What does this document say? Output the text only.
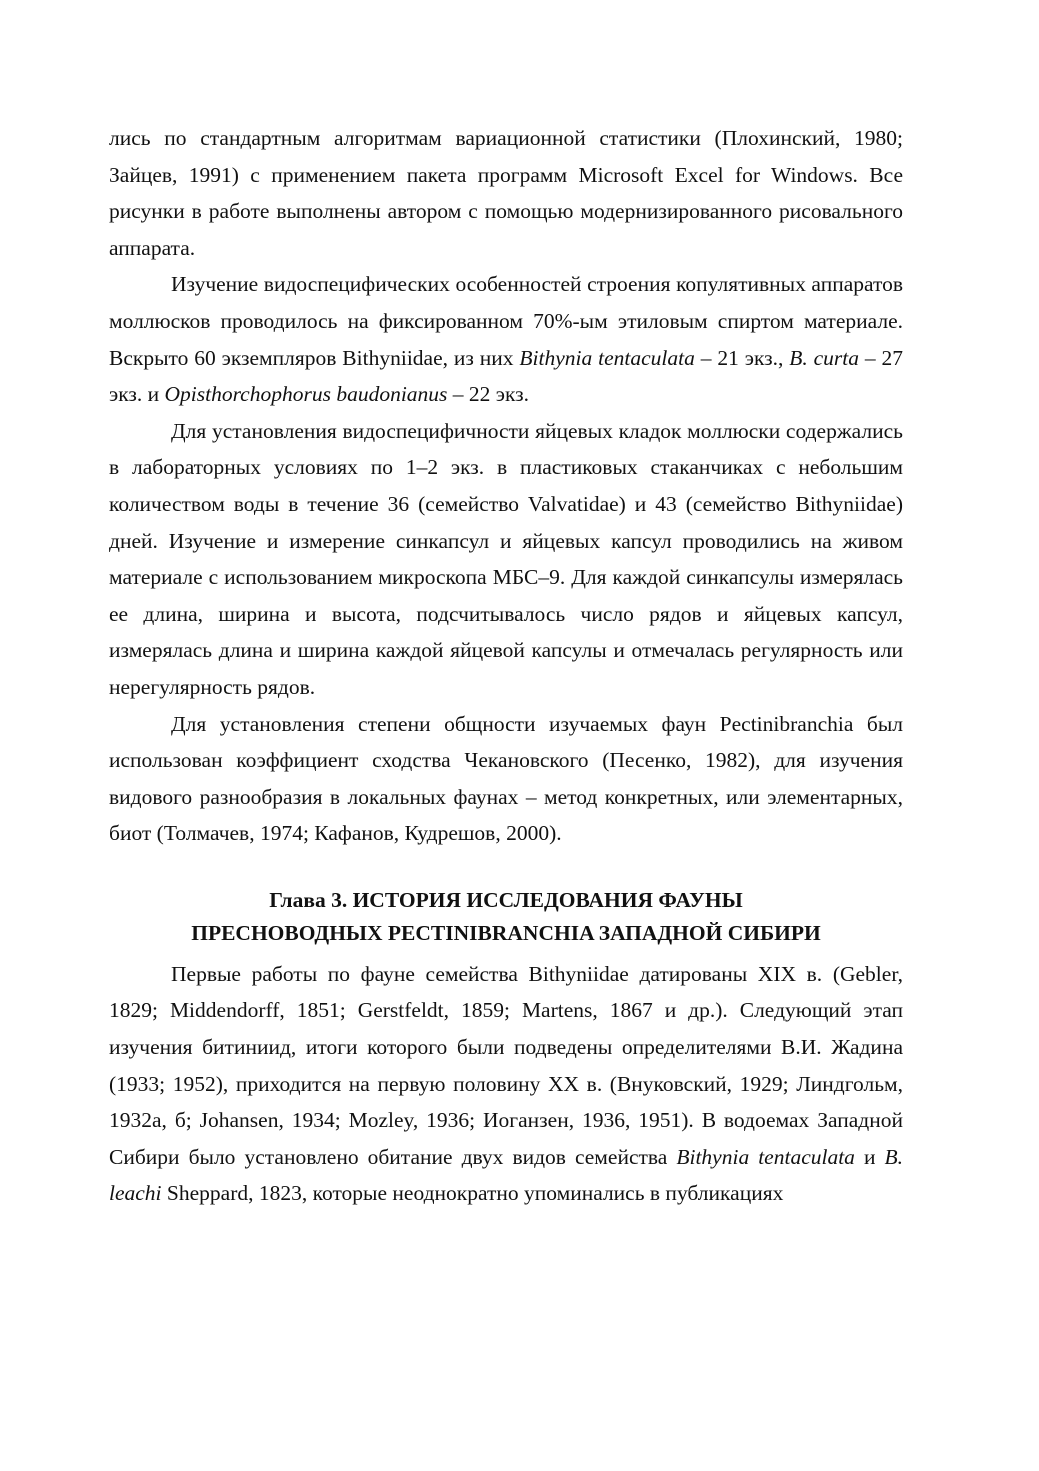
лись по стандартным алгоритмам вариационной статистики (Плохинский, 1980; Зайцев, 1991) с применением пакета программ Microsoft Excel for Windows. Все рисунки в работе выполнены автором с помощью модернизированного рисовального аппарата.

Изучение видоспецифических особенностей строения копулятивных аппаратов моллюсков проводилось на фиксированном 70%-ым этиловым спиртом материале. Вскрыто 60 экземпляров Bithyniidae, из них Bithynia tentaculata – 21 экз., B. curta – 27 экз. и Opisthorchophorus baudonianus – 22 экз.

Для установления видоспецифичности яйцевых кладок моллюски содержались в лабораторных условиях по 1–2 экз. в пластиковых стаканчиках с небольшим количеством воды в течение 36 (семейство Valvatidae) и 43 (семейство Bithyniidae) дней. Изучение и измерение синкапсул и яйцевых капсул проводились на живом материале с использованием микроскопа МБС–9. Для каждой синкапсулы измерялась ее длина, ширина и высота, подсчитывалось число рядов и яйцевых капсул, измерялась длина и ширина каждой яйцевой капсулы и отмечалась регулярность или нерегулярность рядов.

Для установления степени общности изучаемых фаун Pectinibranchia был использован коэффициент сходства Чекановского (Песенко, 1982), для изучения видового разнообразия в локальных фаунах – метод конкретных, или элементарных, биот (Толмачев, 1974; Кафанов, Кудрешов, 2000).

Глава 3. ИСТОРИЯ ИССЛЕДОВАНИЯ ФАУНЫ
ПРЕСНОВОДНЫХ PECTINIBRANCHIA ЗАПАДНОЙ СИБИРИ

Первые работы по фауне семейства Bithyniidae датированы XIX в. (Gebler, 1829; Middendorff, 1851; Gerstfeldt, 1859; Martens, 1867 и др.). Следующий этап изучения битиниид, итоги которого были подведены определителями В.И. Жадина (1933; 1952), приходится на первую половину XX в. (Внуковский, 1929; Линдгольм, 1932а, б; Johansen, 1934; Mozley, 1936; Иоганзен, 1936, 1951). В водоемах Западной Сибири было установлено обитание двух видов семейства Bithynia tentaculata и B. leachi Sheppard, 1823, которые неоднократно упоминались в публикациях
